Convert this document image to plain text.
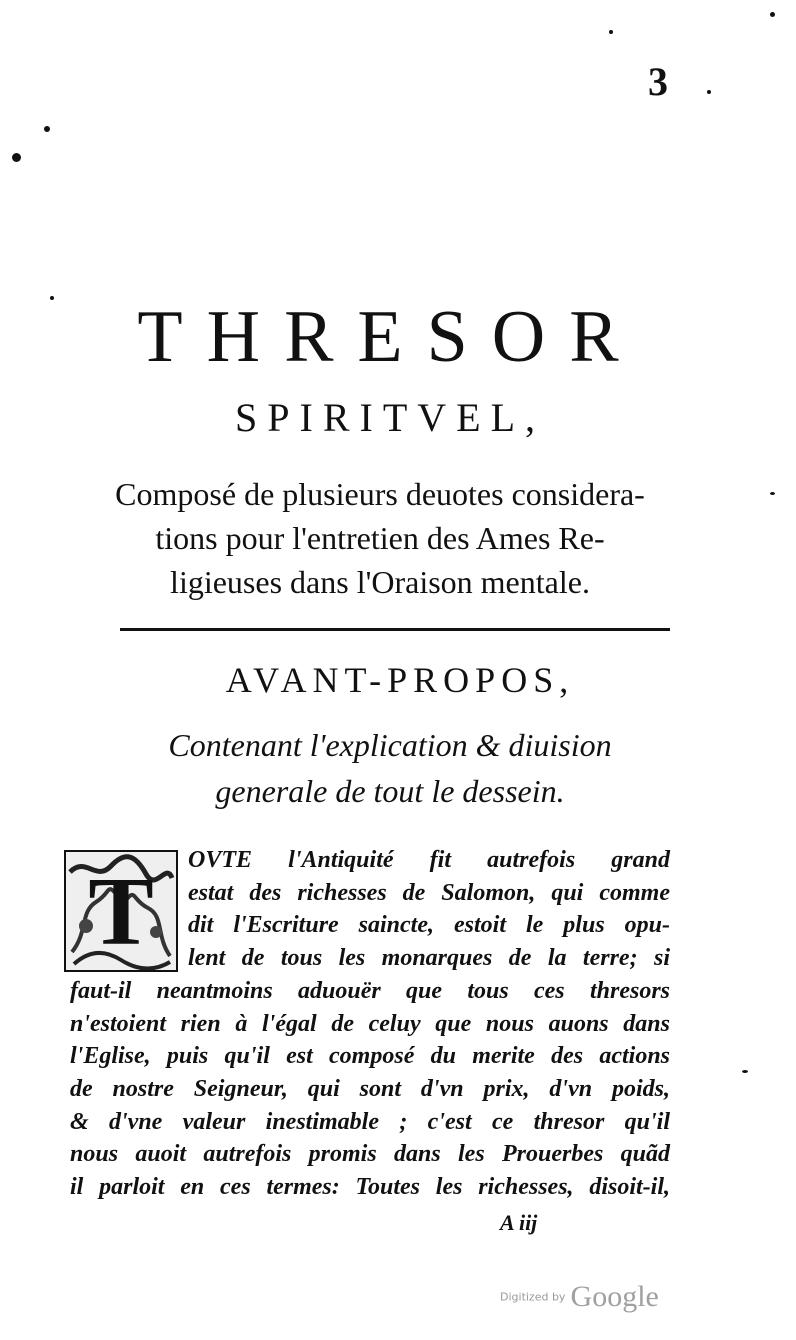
3
THRESOR
SPIRITVEL,
Composé de plusieurs deuotes considera-
tions pour l'entretien des Ames Re-
ligieuses dans l'Oraison mentale.
AVANT-PROPOS,
Contenant l'explication & diuision
generale de tout le dessein.
T OVTE l'Antiquité fit autrefois grand
estat des richesses de Salomon, qui comme
dit l'Escriture saincte, estoit le plus opu-
lent de tous les monarques de la terre; si
faut-il neantmoins aduouër que tous ces thresors
n'estoient rien à l'égal de celuy que nous auons dans
l'Eglise, puis qu'il est composé du merite des actions
de nostre Seigneur, qui sont d'vn prix, d'vn poids,
& d'vne valeur inestimable ; c'est ce thresor qu'il
nous auoit autrefois promis dans les Prouerbes quãd
il parloit en ces termes: Toutes les richesses, disoit-il,
A iij
Digitized by Google
